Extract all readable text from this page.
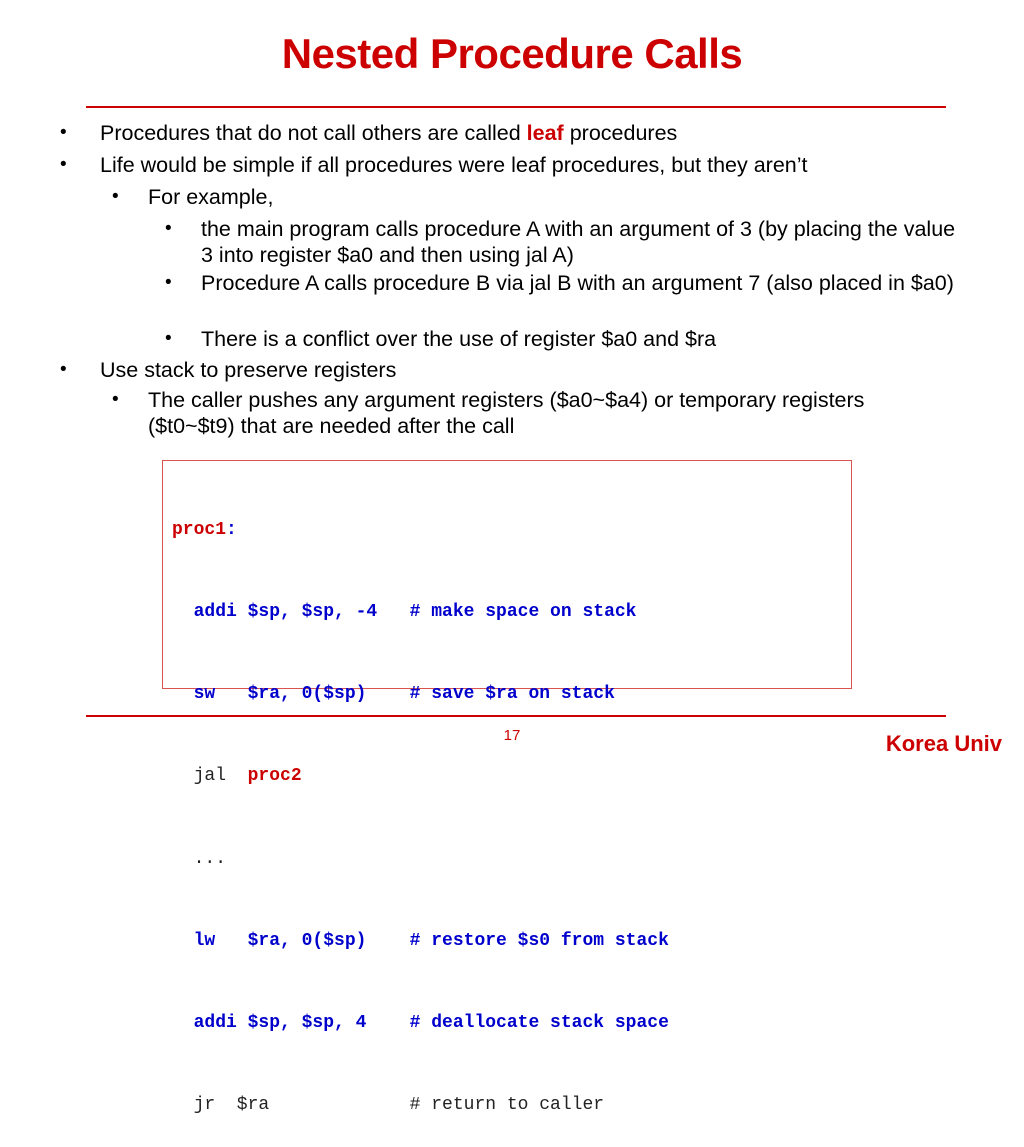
Nested Procedure Calls
•	Procedures that do not call others are called leaf procedures
•	Life would be simple if all procedures were leaf procedures, but they aren’t
•	For example,
•	the main program calls procedure A with an argument of 3 (by placing the value 3 into register $a0 and then using jal A)
•	Procedure A calls procedure B via jal B with an argument 7 (also placed in $a0)
•	There is a conflict over the use of register $a0 and $ra
•	Use stack to preserve registers
•	The caller pushes any argument registers ($a0~$a4) or temporary registers ($t0~$t9) that are needed after the call

proc1:

addi $sp, $sp, -4   # make space on stack

sw   $ra, 0($sp)    # save $ra on stack

jal  proc2

...

lw   $ra, 0($sp)    # restore $s0 from stack

addi $sp, $sp, 4    # deallocate stack space

jr  $ra             # return to caller

17	Korea Univ
